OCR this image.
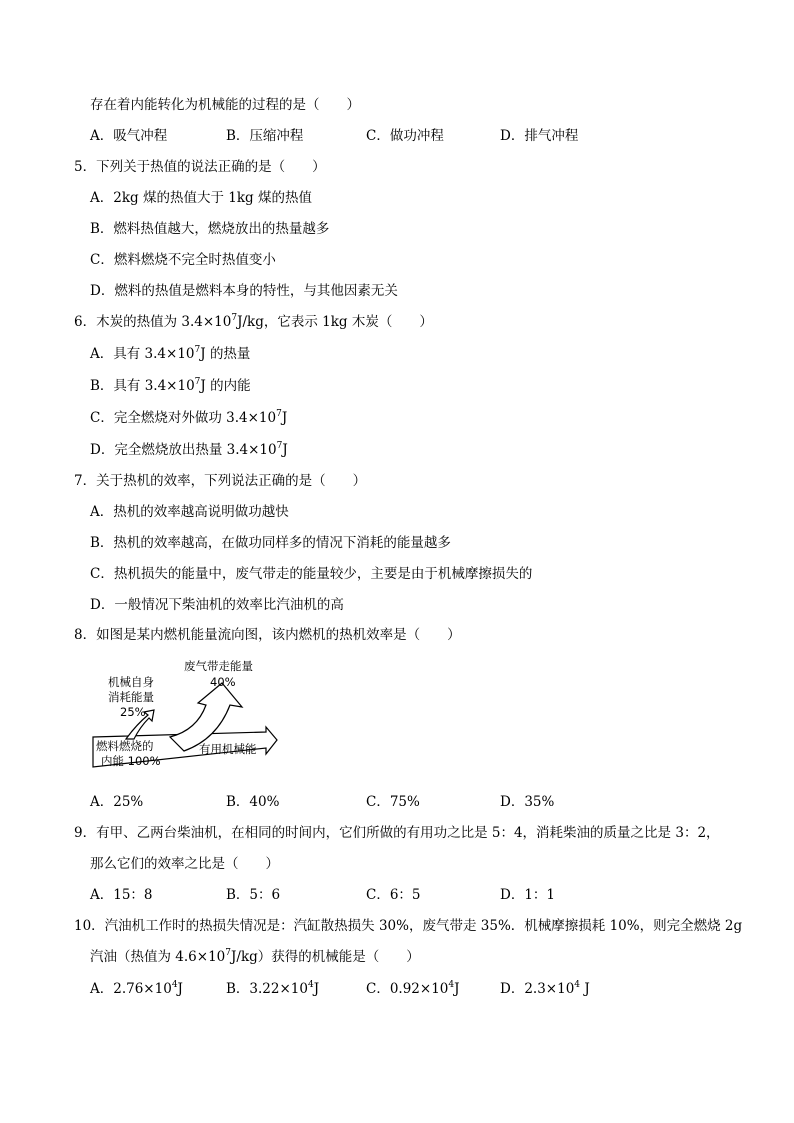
存在着内能转化为机械能的过程的是（　　）
A．吸气冲程	B．压缩冲程	C．做功冲程	D．排气冲程
5．下列关于热值的说法正确的是（　　）
A．2kg 煤的热值大于 1kg 煤的热值
B．燃料热值越大，燃烧放出的热量越多
C．燃料燃烧不完全时热值变小
D．燃料的热值是燃料本身的特性，与其他因素无关
6．木炭的热值为 $3.4\times 10^7J/kg$，它表示 1kg 木炭（　　）
A．具有 $3.4\times 10^7J$ 的热量
B．具有 $3.4\times 10^7J$ 的内能
C．完全燃烧对外做功 $3.4\times 10^7J$
D．完全燃烧放出热量 $3.4\times 10^7J$
7．关于热机的效率，下列说法正确的是（　　）
A．热机的效率越高说明做功越快
B．热机的效率越高，在做功同样多的情况下消耗的能量越多
C．热机损失的能量中，废气带走的能量较少，主要是由于机械摩擦损失的
D．一般情况下柴油机的效率比汽油机的高
8．如图是某内燃机能量流向图，该内燃机的热机效率是（　　）
废气带走能量
40%
机械自身
消耗能量
25%
燃料燃烧的
内能 100%
有用机械能
A．25%	B．40%	C．75%	D．35%
9．有甲、乙两台柴油机，在相同的时间内，它们所做的有用功之比是 5：4，消耗柴油的质量之比是 3：2，
那么它们的效率之比是（　　）
A．15：8	B．5：6	C．6：5	D．1：1
10．汽油机工作时的热损失情况是：汽缸散热损失 30%，废气带走 35%．机械摩擦损耗 10%，则完全燃烧 2g
汽油（热值为 $4.6\times 10^7J/kg$）获得的机械能是（　　）
A．$2.76\times 10^4J$	B．$3.22\times 10^4J$	C．$0.92\times 10^4J$	D．$2.3\times 10^4$ J
